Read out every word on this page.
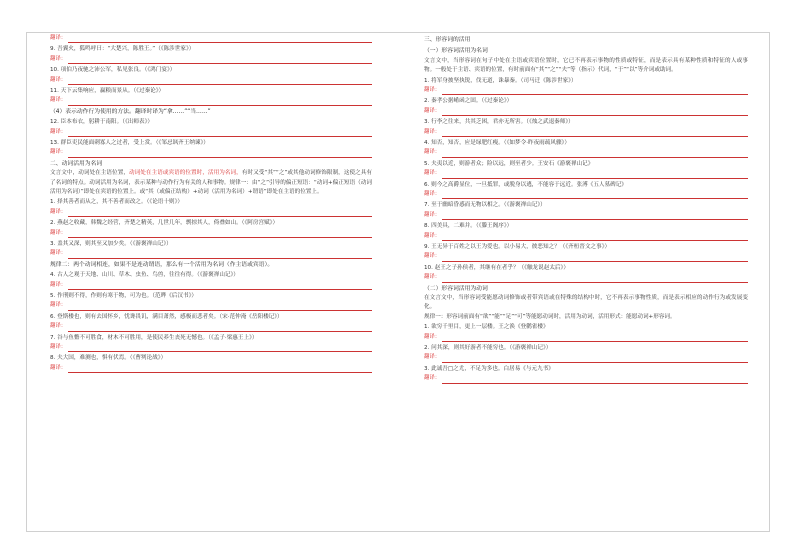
翻译：
9. 吾翼火，狐鸣呼曰：“大楚兴，陈胜王。”（《陈涉世家》）
翻译：
10. 项伯乃夜驰之沛公军，私见张良。（《鸿门宴》）
翻译：
11. 天下云集响应，赢粮而景从。（《过秦论》）
翻译：
（4）表示动作行为使用的方法。翻译时译为“拿……”“当……”
12. 臣本布衣，躬耕于南阳。（《出师表》）
翻译：
13. 群臣吏民能面刺寡人之过者，受上赏。（《邹忌讽齐王纳谏》）
翻译：
二、动词活用为名词
文言文中，动词处在主语位置，动词处在主语或宾语的位置时，活用为名词，有时又受“其”“之”或其他动词修饰限制，这使之具有了名词的特点。动词活用为名词，表示某种与动作行为有关的人和事物。规律一：由“之”引导的偏正短语：“动词+偏正短语（动词活用为名词）”即处在宾语的位置上。或“其（或偏正结构）+动词（活用为名词）+谓语”即处在主语的位置上。
1. 择其善者而从之，其不善者而改之。（《论语十则》）
翻译：
2. 燕赵之收藏，韩魏之经营，齐楚之精英，几世几年，剽掠其人，倚叠如山。（《阿房宫赋》）
翻译：
3. 盖其又深，则其至又加少矣。（《游褒禅山记》）
翻译：
规律二：两个动词相连，如果不是连动谓语，那么有一个活用为名词（作主语或宾语）。
4. 古人之观于天地、山川、草木、虫鱼、鸟兽，往往有得。（《游褒禅山记》）
翻译：
5. 作刑则不得，作则有寒于物，可为也。（范晔《后汉书》）
翻译：
6. 登斯楼也，则有去国怀乡，忧谗畏讥，满目萧然，感极而悲者矣。（宋·范仲淹《岳阳楼记》）
翻译：
7. 谷与鱼鳖不可胜食，材木不可胜用，是使民养生丧死无憾也。（《孟子·梁惠王上》）
翻译：
8. 夫大国，难测也，惧有伏焉。（《曹刿论战》）
翻译：
三、形容词的活用
（一）形容词活用为名词
文言文中，当形容词在句子中处在主语或宾语位置时，它已不再表示事物的性质或特征，而是表示具有某种性质和特征的人或事物。一般处于主语、宾语的位置，有时前面有“其”“之”“夫”等（指示）代词，“于”“以”等介词或助词。
1. 将军身披坚执锐，伐无道，诛暴秦。（司马迁《陈涉世家》）
翻译：
2. 秦孝公据崤函之固。（《过秦论》）
翻译：
3. 行李之往来，共其乏困，君亦无所害。（《烛之武退秦师》）
翻译：
4. 知否，知否，应是绿肥红瘦。（《如梦令·昨夜雨疏风骤》）
翻译：
5. 夫夷以近，则游者众；险以远，则至者少。王安石《游褒禅山记》
翻译：
6. 则今之高爵显位，一旦抵罪，或脱身以逃，不能容于远近。张溥《五人墓碑记》
翻译：
7. 至于幽暗昏惑而无物以相之。（《游褒禅山记》）
翻译：
8. 四美具，二难并。（《滕王阁序》）
翻译：
9. 王无异于百姓之以王为爱也。以小易大，彼恶知之？（《齐桓晋文之事》）
翻译：
10. 赵王之子孙侯者，其继有在者乎？（《触龙说赵太后》）
翻译：
（二）形容词活用为动词
在文言文中，当形容词受能愿动词修饰或者带宾语或在特殊的结构中时，它不再表示事物性质，而是表示相应的动作行为或发展变化。
规律一：形容词前面有“欲”“能”“足”“可”等能愿动词时，活用为动词，活用形式：能愿动词+形容词。
1. 欲穷千里目，更上一层楼。王之涣《登鹳雀楼》
翻译：
2. 问其深，则其好游者不能穷也。（《游褒禅山记》）
翻译：
3. 此诚吾□之尤，不足为多也。白居易《与元九书》
翻译：
